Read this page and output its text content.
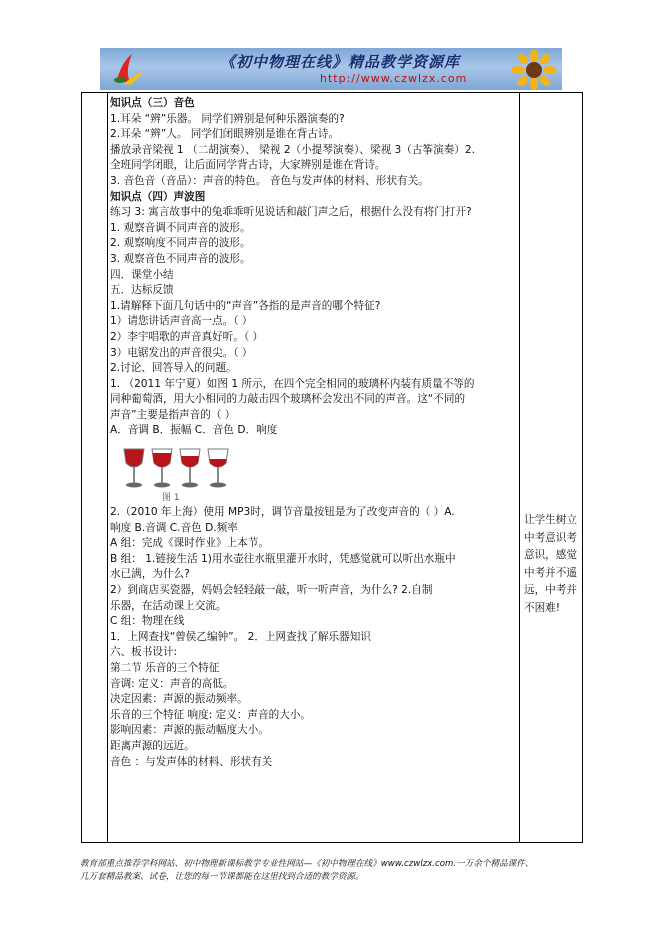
《初中物理在线》精品教学资源库
http://www.czwlzx.com

知识点（三）音色

1.耳朵 “辨”乐器。 同学们辨别是何种乐器演奏的?

2.耳朵 “辨”人。 同学们闭眼辨别是谁在背古诗。

播放录音梁视 1 （二胡演奏）、 梁视 2（小提琴演奏）、梁视 3（古筝演奏）2.

全班同学闭眼，让后面同学背古诗，大家辨别是谁在背诗。

3. 音色音（音品）：声音的特色。 音色与发声体的材料、形状有关。

知识点（四）声波图

练习 3: 寓言故事中的兔乖乖听见说话和敲门声之后，根据什么没有将门打开?

1. 观察音调不同声音的波形。

2. 观察响度不同声音的波形。

3. 观察音色不同声音的波形。

四．课堂小结

五．达标反馈

1.请解释下面几句话中的“声音”各指的是声音的哪个特征?

1）请您讲话声音高一点。（ ）

2）李宇唱歌的声音真好听。（ ）

3）电锯发出的声音很尖。（ ）

2.讨论、回答导入的问题。

1. （2011 年宁夏）如图 1 所示，在四个完全相同的玻璃杯内装有质量不等的

同种葡萄酒，用大小相同的力敲击四个玻璃杯会发出不同的声音。这“不同的

声音”主要是指声音的（ ）

A．音调 B．振幅 C．音色 D．响度

图 1

2.（2010 年上海）使用 MP3时，调节音量按钮是为了改变声音的（ ）A.

响度 B.音调 C.音色 D.频率

A 组：完成《课时作业》上本节。

B 组： 1.链接生活 1)用水壶往水瓶里灌开水时，凭感觉就可以听出水瓶中

水已满，为什么?

2）到商店买瓷器，妈妈会轻轻敲一敲，听一听声音，为什么? 2.自制

乐器，在活动课上交流。

C 组：物理在线

1．上网查找“曾侯乙编钟”。 2．上网查找了解乐器知识

六、板书设计:

第二节 乐音的三个特征

音调: 定义：声音的高低。

决定因素：声源的振动频率。

乐音的三个特征 响度: 定义：声音的大小。

影响因素：声源的振动幅度大小。

距离声源的远近。

音色 ：与发声体的材料、形状有关

让学生树立

中考意识考

意识，感觉

中考并不遥

远，中考并

不困难!

教育部重点推荐学科网站、初中物理新课标教学专业性网站—《初中物理在线》www.czwlzx.com.一万余个精品课件、

几万套精品教案、试卷，让您的每一节课都能在这里找到合适的教学资源。
